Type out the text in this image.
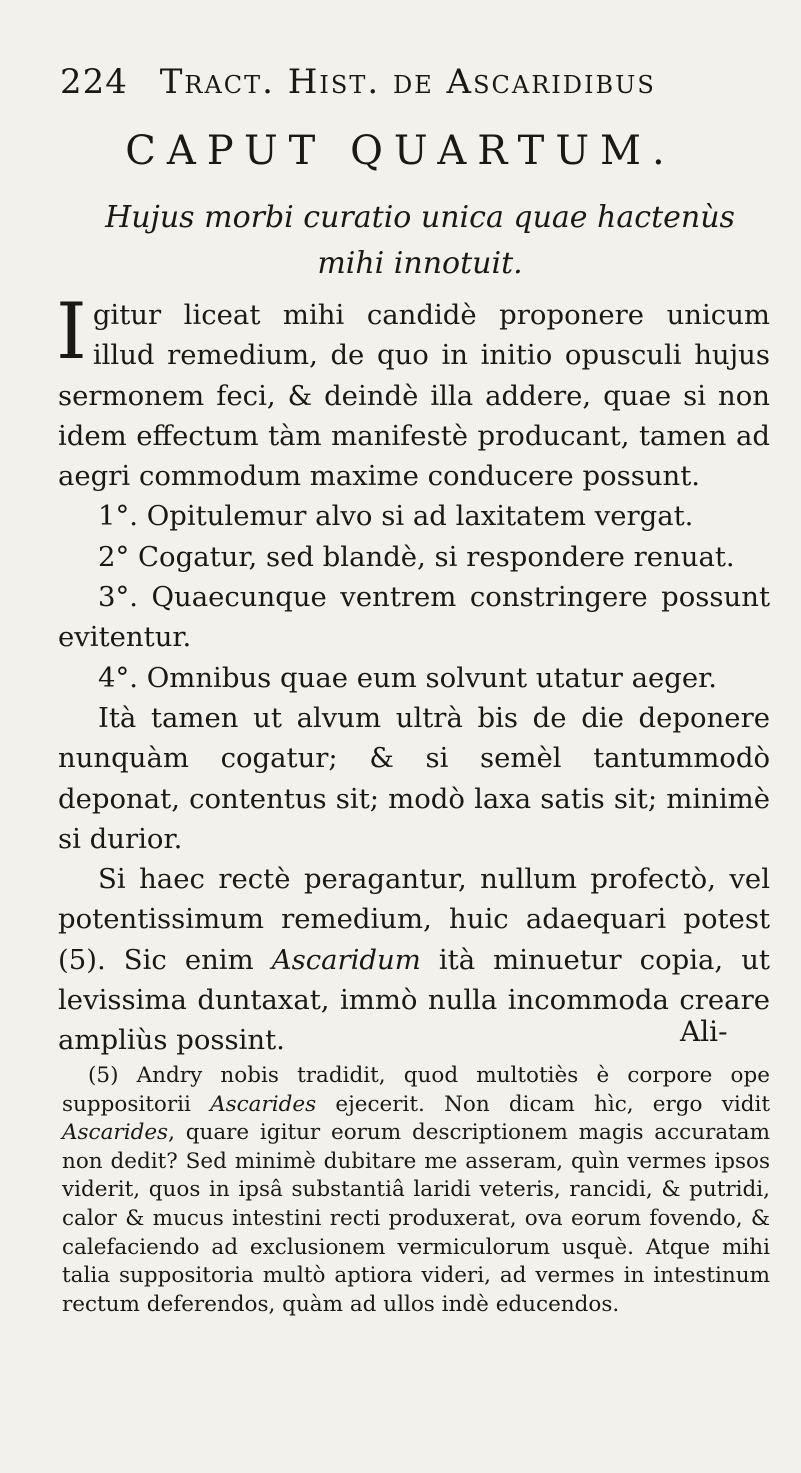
224 Tract. Hist. de Ascaridibus
CAPUT QUARTUM.
Hujus morbi curatio unica quae hactenùs mihi innotuit.

Igitur liceat mihi candidè proponere unicum illud remedium, de quo in initio opusculi hujus sermonem feci, & deindè illa addere, quae si non idem effectum tàm manifestè producant, tamen ad aegri commodum maxime conducere possunt.

1°. Opitulemur alvo si ad laxitatem vergat.

2° Cogatur, sed blandè, si respondere renuat.

3°. Quaecunque ventrem constringere possunt evitentur.

4°. Omnibus quae eum solvunt utatur aeger.

Ità tamen ut alvum ultrà bis de die deponere nunquàm cogatur; & si semèl tantummodò deponat, contentus sit; modò laxa satis sit; minimè si durior.

Si haec rectè peragantur, nullum profectò, vel potentissimum remedium, huic adaequari potest (5). Sic enim Ascaridum ità minuetur copia, ut levissima duntaxat, immò nulla incommoda creare ampliùs possint.	Ali-

(5) Andry nobis tradidit, quod multotiès è corpore ope suppositorii Ascarides ejecerit. Non dicam hìc, ergo vidit Ascarides, quare igitur eorum descriptionem magis accuratam non dedit? Sed minimè dubitare me asseram, quìn vermes ipsos viderit, quos in ipsâ substantiâ laridi veteris, rancidi, & putridi, calor & mucus intestini recti produxerat, ova eorum fovendo, & calefaciendo ad exclusionem vermiculorum usquè. Atque mihi talia suppositoria multò aptiora videri, ad vermes in intestinum rectum deferendos, quàm ad ullos indè educendos.
